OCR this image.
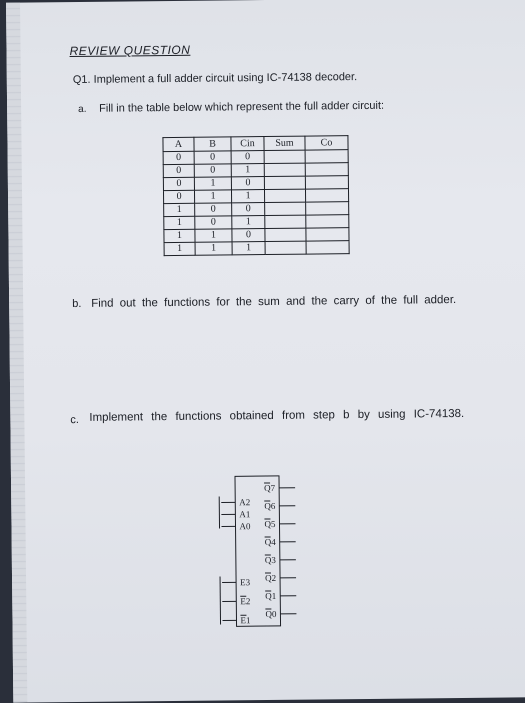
REVIEW QUESTION
Q1. Implement a full adder circuit using IC-74138 decoder.
a. Fill in the table below which represent the full adder circuit:
A	B	Cin	Sum	Co
0	0	0		
0	0	1		
0	1	0		
0	1	1		
1	0	0		
1	0	1		
1	1	0		
1	1	1		
b. Find out the functions for the sum and the carry of the full adder.
c. Implement the functions obtained from step b by using IC-74138.
A2
A1
A0
E3
E2
E1
Q7
Q6
Q5
Q4
Q3
Q2
Q1
Q0
